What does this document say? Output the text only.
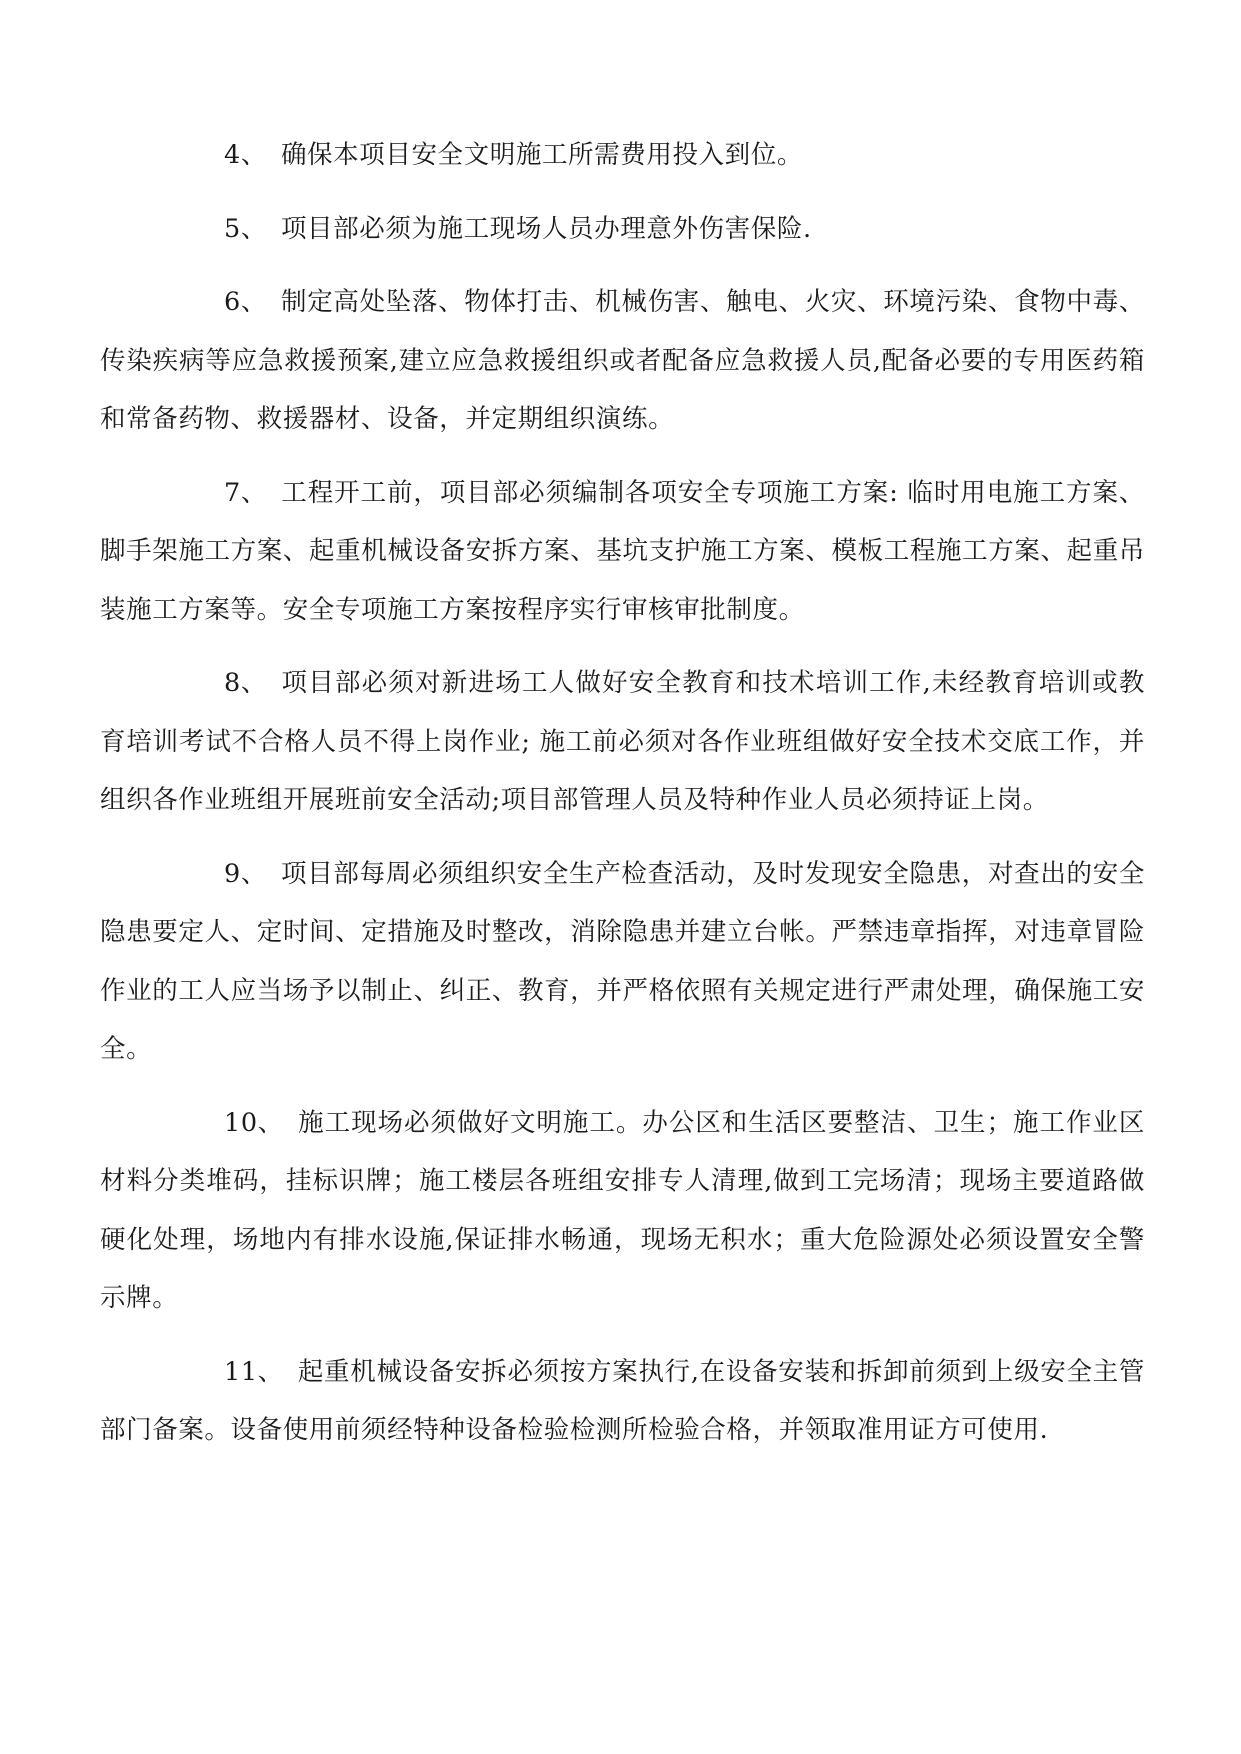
4、 确保本项目安全文明施工所需费用投入到位。

5、 项目部必须为施工现场人员办理意外伤害保险.

6、 制定高处坠落、物体打击、机械伤害、触电、火灾、环境污染、食物中毒、传染疾病等应急救援预案,建立应急救援组织或者配备应急救援人员,配备必要的专用医药箱和常备药物、救援器材、设备，并定期组织演练。

7、 工程开工前，项目部必须编制各项安全专项施工方案: 临时用电施工方案、脚手架施工方案、起重机械设备安拆方案、基坑支护施工方案、模板工程施工方案、起重吊装施工方案等。安全专项施工方案按程序实行审核审批制度。

8、 项目部必须对新进场工人做好安全教育和技术培训工作,未经教育培训或教育培训考试不合格人员不得上岗作业; 施工前必须对各作业班组做好安全技术交底工作，并组织各作业班组开展班前安全活动;项目部管理人员及特种作业人员必须持证上岗。

9、 项目部每周必须组织安全生产检查活动，及时发现安全隐患，对查出的安全隐患要定人、定时间、定措施及时整改，消除隐患并建立台帐。严禁违章指挥，对违章冒险作业的工人应当场予以制止、纠正、教育，并严格依照有关规定进行严肃处理，确保施工安全。

10、 施工现场必须做好文明施工。办公区和生活区要整洁、卫生；施工作业区材料分类堆码，挂标识牌；施工楼层各班组安排专人清理,做到工完场清；现场主要道路做硬化处理，场地内有排水设施,保证排水畅通，现场无积水；重大危险源处必须设置安全警示牌。

11、 起重机械设备安拆必须按方案执行,在设备安装和拆卸前须到上级安全主管部门备案。设备使用前须经特种设备检验检测所检验合格，并领取准用证方可使用.
